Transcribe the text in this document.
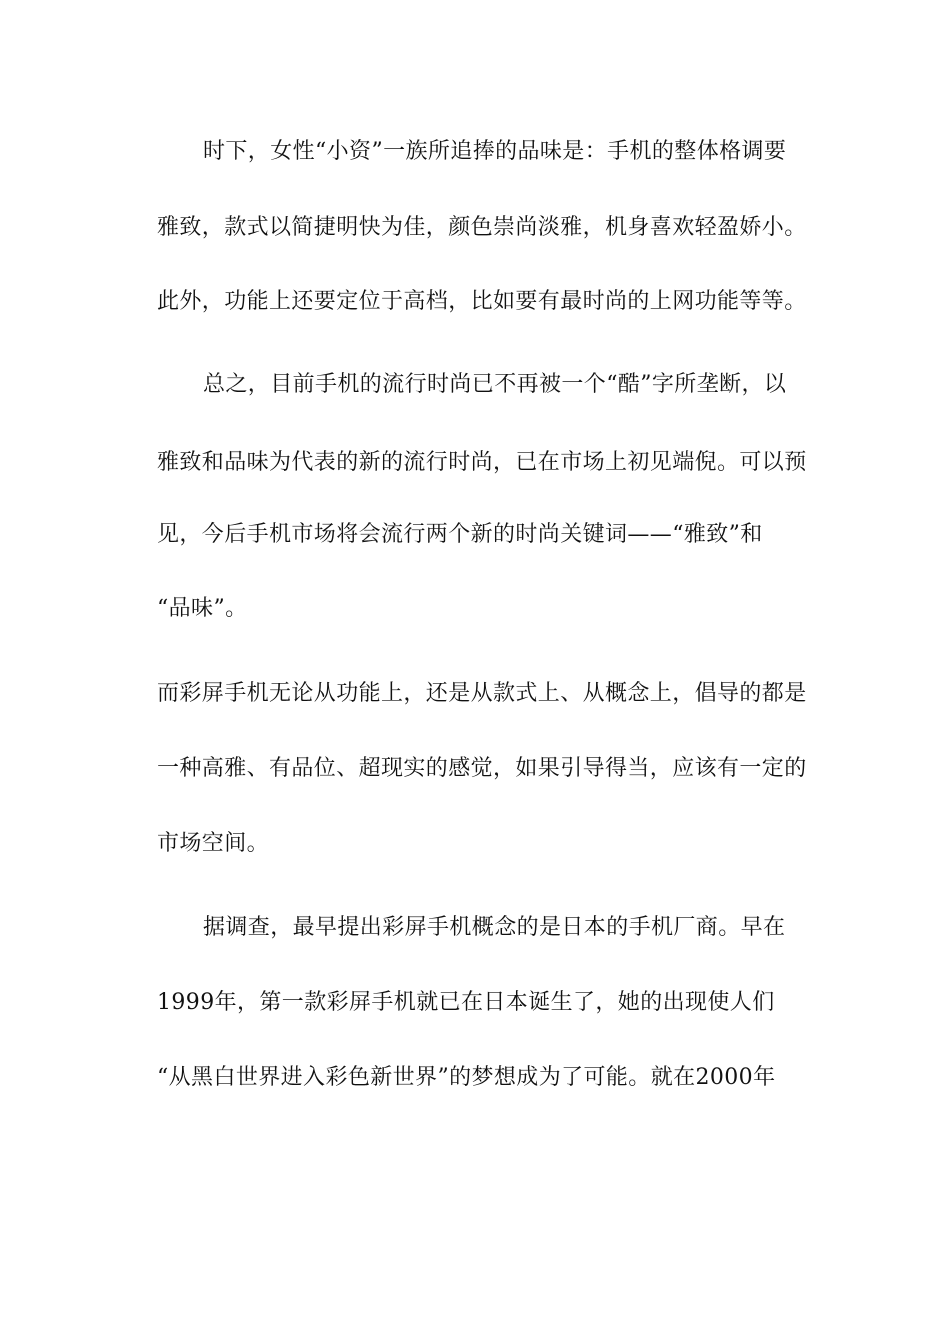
时下，女性“小资”一族所追捧的品味是：手机的整体格调要
雅致，款式以简捷明快为佳，颜色崇尚淡雅，机身喜欢轻盈娇小。
此外，功能上还要定位于高档，比如要有最时尚的上网功能等等。
总之，目前手机的流行时尚已不再被一个“酷”字所垄断，以
雅致和品味为代表的新的流行时尚，已在市场上初见端倪。可以预
见，今后手机市场将会流行两个新的时尚关键词——“雅致”和
“品味”。
而彩屏手机无论从功能上，还是从款式上、从概念上，倡导的都是
一种高雅、有品位、超现实的感觉，如果引导得当，应该有一定的
市场空间。
据调查，最早提出彩屏手机概念的是日本的手机厂商。早在
1999年，第一款彩屏手机就已在日本诞生了，她的出现使人们
“从黑白世界进入彩色新世界”的梦想成为了可能。就在2000年
